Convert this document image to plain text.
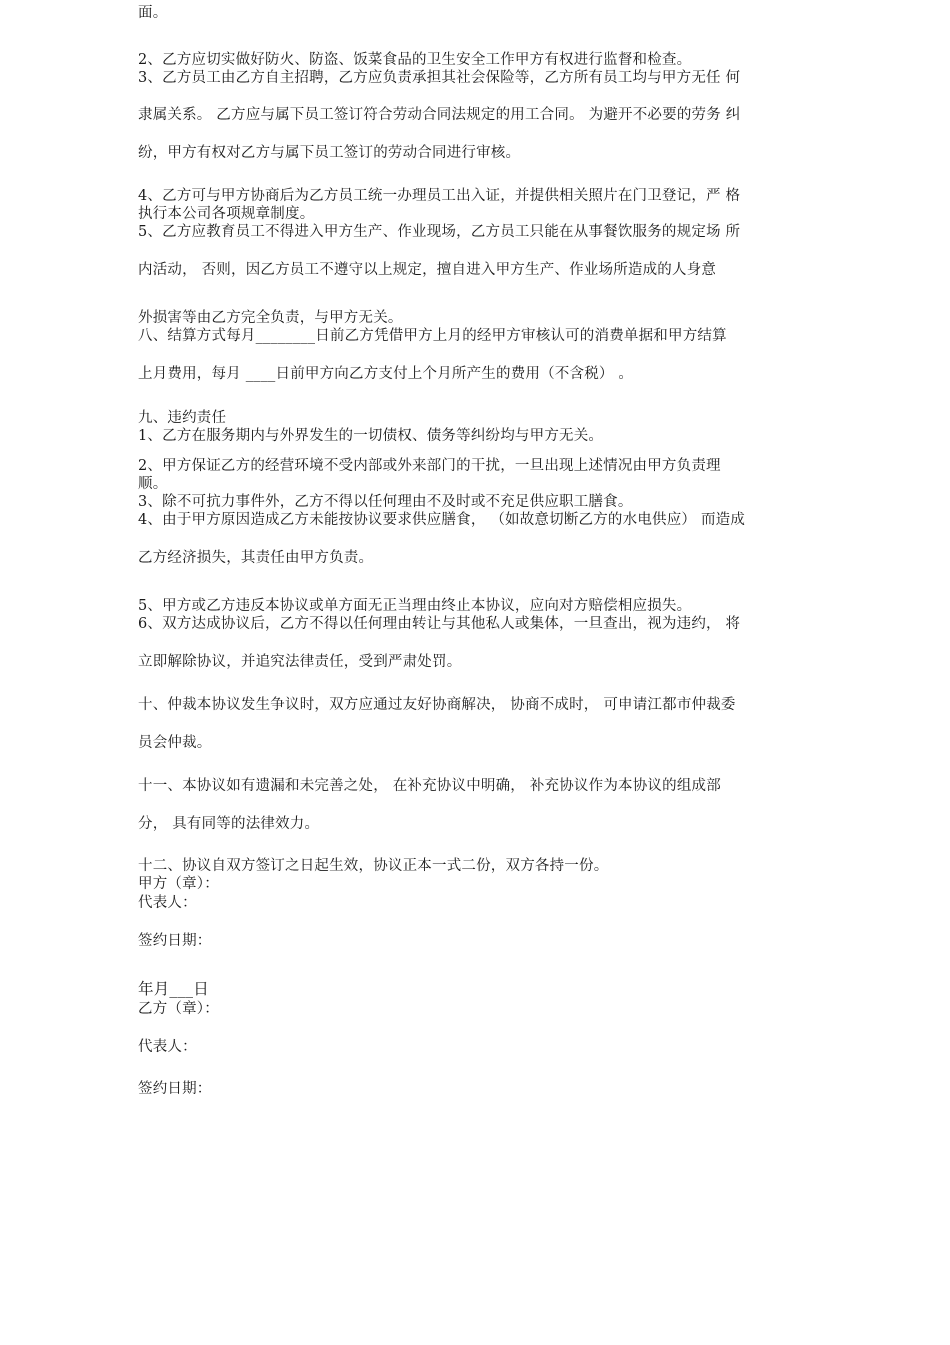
面。
2、乙方应切实做好防火、防盗、饭菜食品的卫生安全工作甲方有权进行监督和检查。
3、乙方员工由乙方自主招聘，乙方应负责承担其社会保险等，乙方所有员工均与甲方无任 何
隶属关系。 乙方应与属下员工签订符合劳动合同法规定的用工合同。 为避开不必要的劳务 纠
纷，甲方有权对乙方与属下员工签订的劳动合同进行审核。
4、乙方可与甲方协商后为乙方员工统一办理员工出入证，并提供相关照片在门卫登记，严 格
执行本公司各项规章制度。
5、乙方应教育员工不得进入甲方生产、作业现场，乙方员工只能在从事餐饮服务的规定场 所
内活动， 否则，因乙方员工不遵守以上规定，擅自进入甲方生产、作业场所造成的人身意
外损害等由乙方完全负责，与甲方无关。
八、结算方式每月________日前乙方凭借甲方上月的经甲方审核认可的消费单据和甲方结算
上月费用，每月 ____日前甲方向乙方支付上个月所产生的费用（不含税） 。
九、违约责任
1、乙方在服务期内与外界发生的一切债权、债务等纠纷均与甲方无关。
2、甲方保证乙方的经营环境不受内部或外来部门的干扰，一旦出现上述情况由甲方负责理
顺。
3、除不可抗力事件外，乙方不得以任何理由不及时或不充足供应职工膳食。
4、由于甲方原因造成乙方未能按协议要求供应膳食， （如故意切断乙方的水电供应） 而造成
乙方经济损失，其责任由甲方负责。
5、甲方或乙方违反本协议或单方面无正当理由终止本协议，应向对方赔偿相应损失。
6、双方达成协议后，乙方不得以任何理由转让与其他私人或集体，一旦查出，视为违约， 将
立即解除协议，并追究法律责任，受到严肃处罚。
十、仲裁本协议发生争议时，双方应通过友好协商解决， 协商不成时， 可申请江都市仲裁委
员会仲裁。
十一、本协议如有遗漏和未完善之处， 在补充协议中明确， 补充协议作为本协议的组成部
分， 具有同等的法律效力。
十二、协议自双方签订之日起生效，协议正本一式二份，双方各持一份。
甲方（章）：
代表人：
签约日期：
年月___日
乙方（章）：
代表人：
签约日期：
